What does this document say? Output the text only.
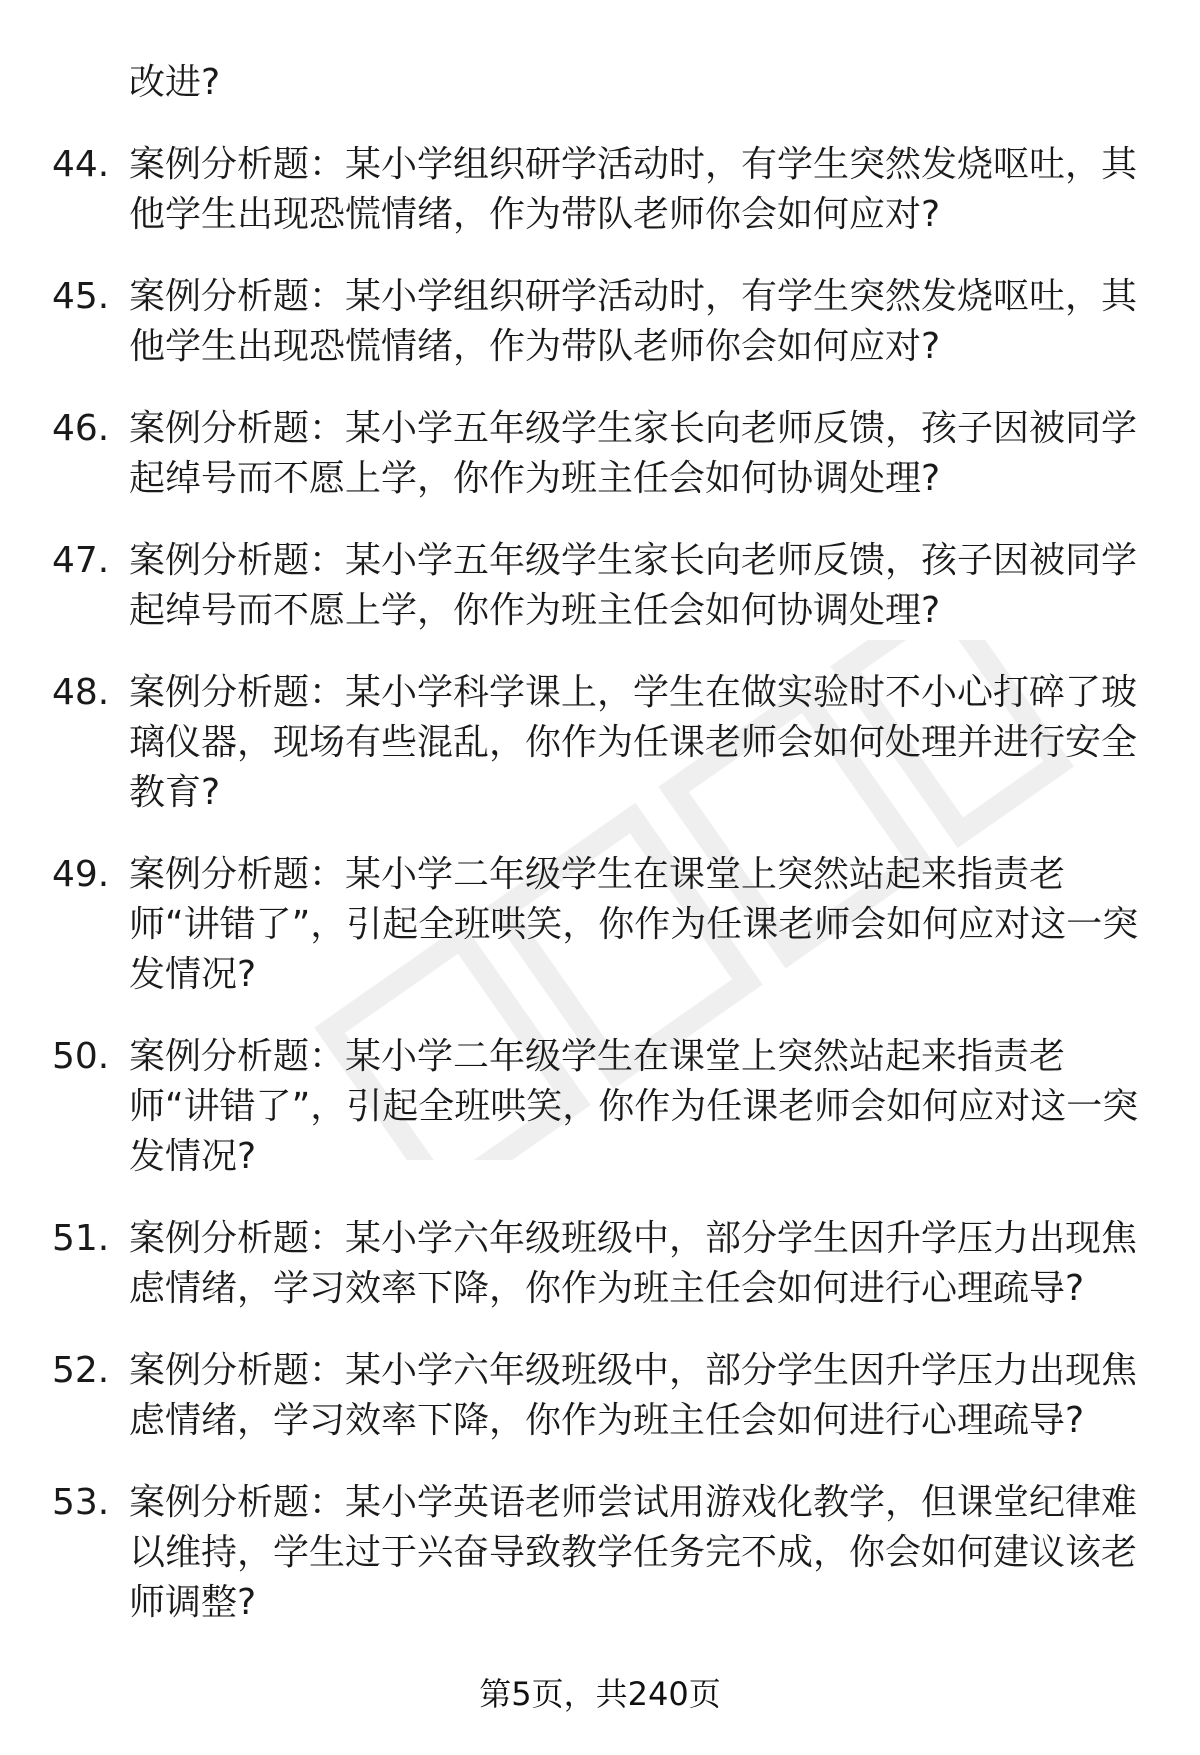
改进?
44. 案例分析题：某小学组织研学活动时，有学生突然发烧呕吐，其他学生出现恐慌情绪，作为带队老师你会如何应对?
45. 案例分析题：某小学组织研学活动时，有学生突然发烧呕吐，其他学生出现恐慌情绪，作为带队老师你会如何应对?
46. 案例分析题：某小学五年级学生家长向老师反馈，孩子因被同学起绰号而不愿上学，你作为班主任会如何协调处理?
47. 案例分析题：某小学五年级学生家长向老师反馈，孩子因被同学起绰号而不愿上学，你作为班主任会如何协调处理?
48. 案例分析题：某小学科学课上，学生在做实验时不小心打碎了玻璃仪器，现场有些混乱，你作为任课老师会如何处理并进行安全教育?
49. 案例分析题：某小学二年级学生在课堂上突然站起来指责老师“讲错了”，引起全班哄笑，你作为任课老师会如何应对这一突发情况?
50. 案例分析题：某小学二年级学生在课堂上突然站起来指责老师“讲错了”，引起全班哄笑，你作为任课老师会如何应对这一突发情况?
51. 案例分析题：某小学六年级班级中，部分学生因升学压力出现焦虑情绪，学习效率下降，你作为班主任会如何进行心理疏导?
52. 案例分析题：某小学六年级班级中，部分学生因升学压力出现焦虑情绪，学习效率下降，你作为班主任会如何进行心理疏导?
53. 案例分析题：某小学英语老师尝试用游戏化教学，但课堂纪律难以维持，学生过于兴奋导致教学任务完不成，你会如何建议该老师调整?
第5页，共240页
